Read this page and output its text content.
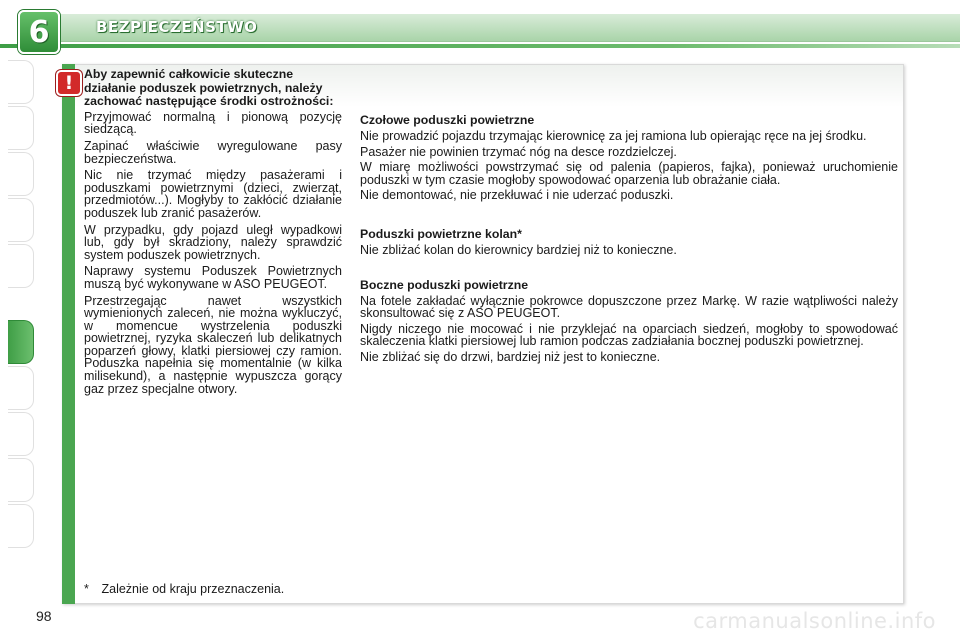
6	BEZPIECZEŃSTWO
! Aby zapewnić całkowicie skuteczne działanie poduszek powietrznych, należy zachować następujące środki ostrożności:

Przyjmować normalną i pionową pozycję siedzącą.

Zapinać właściwie wyregulowane pasy bezpieczeństwa.

Nic nie trzymać między pasażerami i poduszkami powietrznymi (dzieci, zwierząt, przedmiotów...). Mogłyby to zakłócić działanie poduszek lub zranić pasażerów.

W przypadku, gdy pojazd uległ wypadkowi lub, gdy był skradziony, należy sprawdzić system poduszek powietrznych.

Naprawy systemu Poduszek Powietrznych muszą być wykonywane w ASO PEUGEOT.

Przestrzegając nawet wszystkich wymienionych zaleceń, nie można wykluczyć, w momencue wystrzelenia poduszki powietrznej, ryzyka skaleczeń lub delikatnych poparzeń głowy, klatki piersiowej czy ramion. Poduszka napełnia się momentalnie (w kilka milisekund), a następnie wypuszcza gorący gaz przez specjalne otwory.

Czołowe poduszki powietrzne

Nie prowadzić pojazdu trzymając kierownicę za jej ramiona lub opierając ręce na jej środku.

Pasażer nie powinien trzymać nóg na desce rozdzielczej.

W miarę możliwości powstrzymać się od palenia (papieros, fajka), ponieważ uruchomienie poduszki w tym czasie mogłoby spowodować oparzenia lub obrażanie ciała.

Nie demontować, nie przekłuwać i nie uderzać poduszki.

Poduszki powietrzne kolan*

Nie zbliżać kolan do kierownicy bardziej niż to konieczne.

Boczne poduszki powietrzne

Na fotele zakładać wyłącznie pokrowce dopuszczone przez Markę. W razie wątpliwości należy skonsultować się z ASO PEUGEOT.

Nigdy niczego nie mocować i nie przyklejać na oparciach siedzeń, mogłoby to spowodować skaleczenia klatki piersiowej lub ramion podczas zadziałania bocznej poduszki powietrznej.

Nie zbliżać się do drzwi, bardziej niż jest to konieczne.

* Zależnie od kraju przeznaczenia.
98	carmanualsonline.info
